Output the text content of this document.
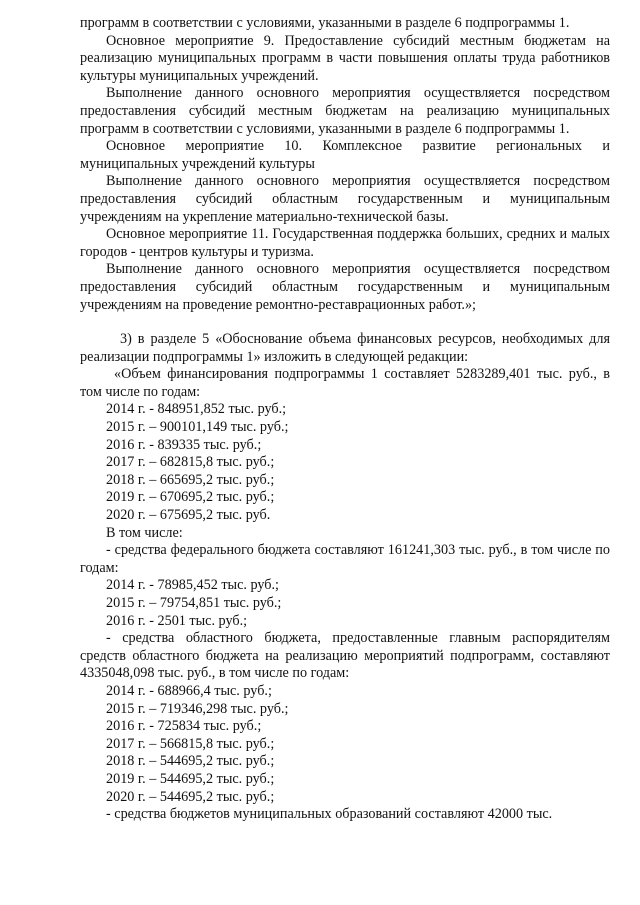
программ в соответствии с условиями, указанными в разделе 6 подпрограммы 1.

Основное мероприятие 9. Предоставление субсидий местным бюджетам на реализацию муниципальных программ в части повышения оплаты труда работников культуры муниципальных учреждений.

Выполнение данного основного мероприятия осуществляется посредством предоставления субсидий местным бюджетам на реализацию муниципальных программ в соответствии с условиями, указанными в разделе 6 подпрограммы 1.

Основное мероприятие 10. Комплексное развитие региональных и муниципальных учреждений культуры

Выполнение данного основного мероприятия осуществляется посредством предоставления субсидий областным государственным и муниципальным учреждениям на укрепление материально-технической базы.

Основное мероприятие 11. Государственная поддержка больших, средних и малых городов - центров культуры и туризма.

Выполнение данного основного мероприятия осуществляется посредством предоставления субсидий областным государственным и муниципальным учреждениям на проведение ремонтно-реставрационных работ.»;

3) в разделе 5 «Обоснование объема финансовых ресурсов, необходимых для реализации подпрограммы 1» изложить в следующей редакции:

«Объем финансирования подпрограммы 1 составляет 5283289,401 тыс. руб., в том числе по годам:

2014 г. - 848951,852 тыс. руб.;

2015 г. – 900101,149 тыс. руб.;

2016 г. - 839335 тыс. руб.;

2017 г. – 682815,8 тыс. руб.;

2018 г. – 665695,2 тыс. руб.;

2019 г. – 670695,2 тыс. руб.;

2020 г. – 675695,2 тыс. руб.

В том числе:

- средства федерального бюджета составляют 161241,303 тыс. руб., в том числе по годам:

2014 г. - 78985,452 тыс. руб.;

2015 г. – 79754,851 тыс. руб.;

2016 г. - 2501 тыс. руб.;

- средства областного бюджета, предоставленные главным распорядителям средств областного бюджета на реализацию мероприятий подпрограмм, составляют 4335048,098 тыс. руб., в том числе по годам:

2014 г. - 688966,4 тыс. руб.;

2015 г. – 719346,298 тыс. руб.;

2016 г. - 725834 тыс. руб.;

2017 г. – 566815,8 тыс. руб.;

2018 г. – 544695,2 тыс. руб.;

2019 г. – 544695,2 тыс. руб.;

2020 г. – 544695,2 тыс. руб.;

- средства бюджетов муниципальных образований составляют 42000 тыс.
